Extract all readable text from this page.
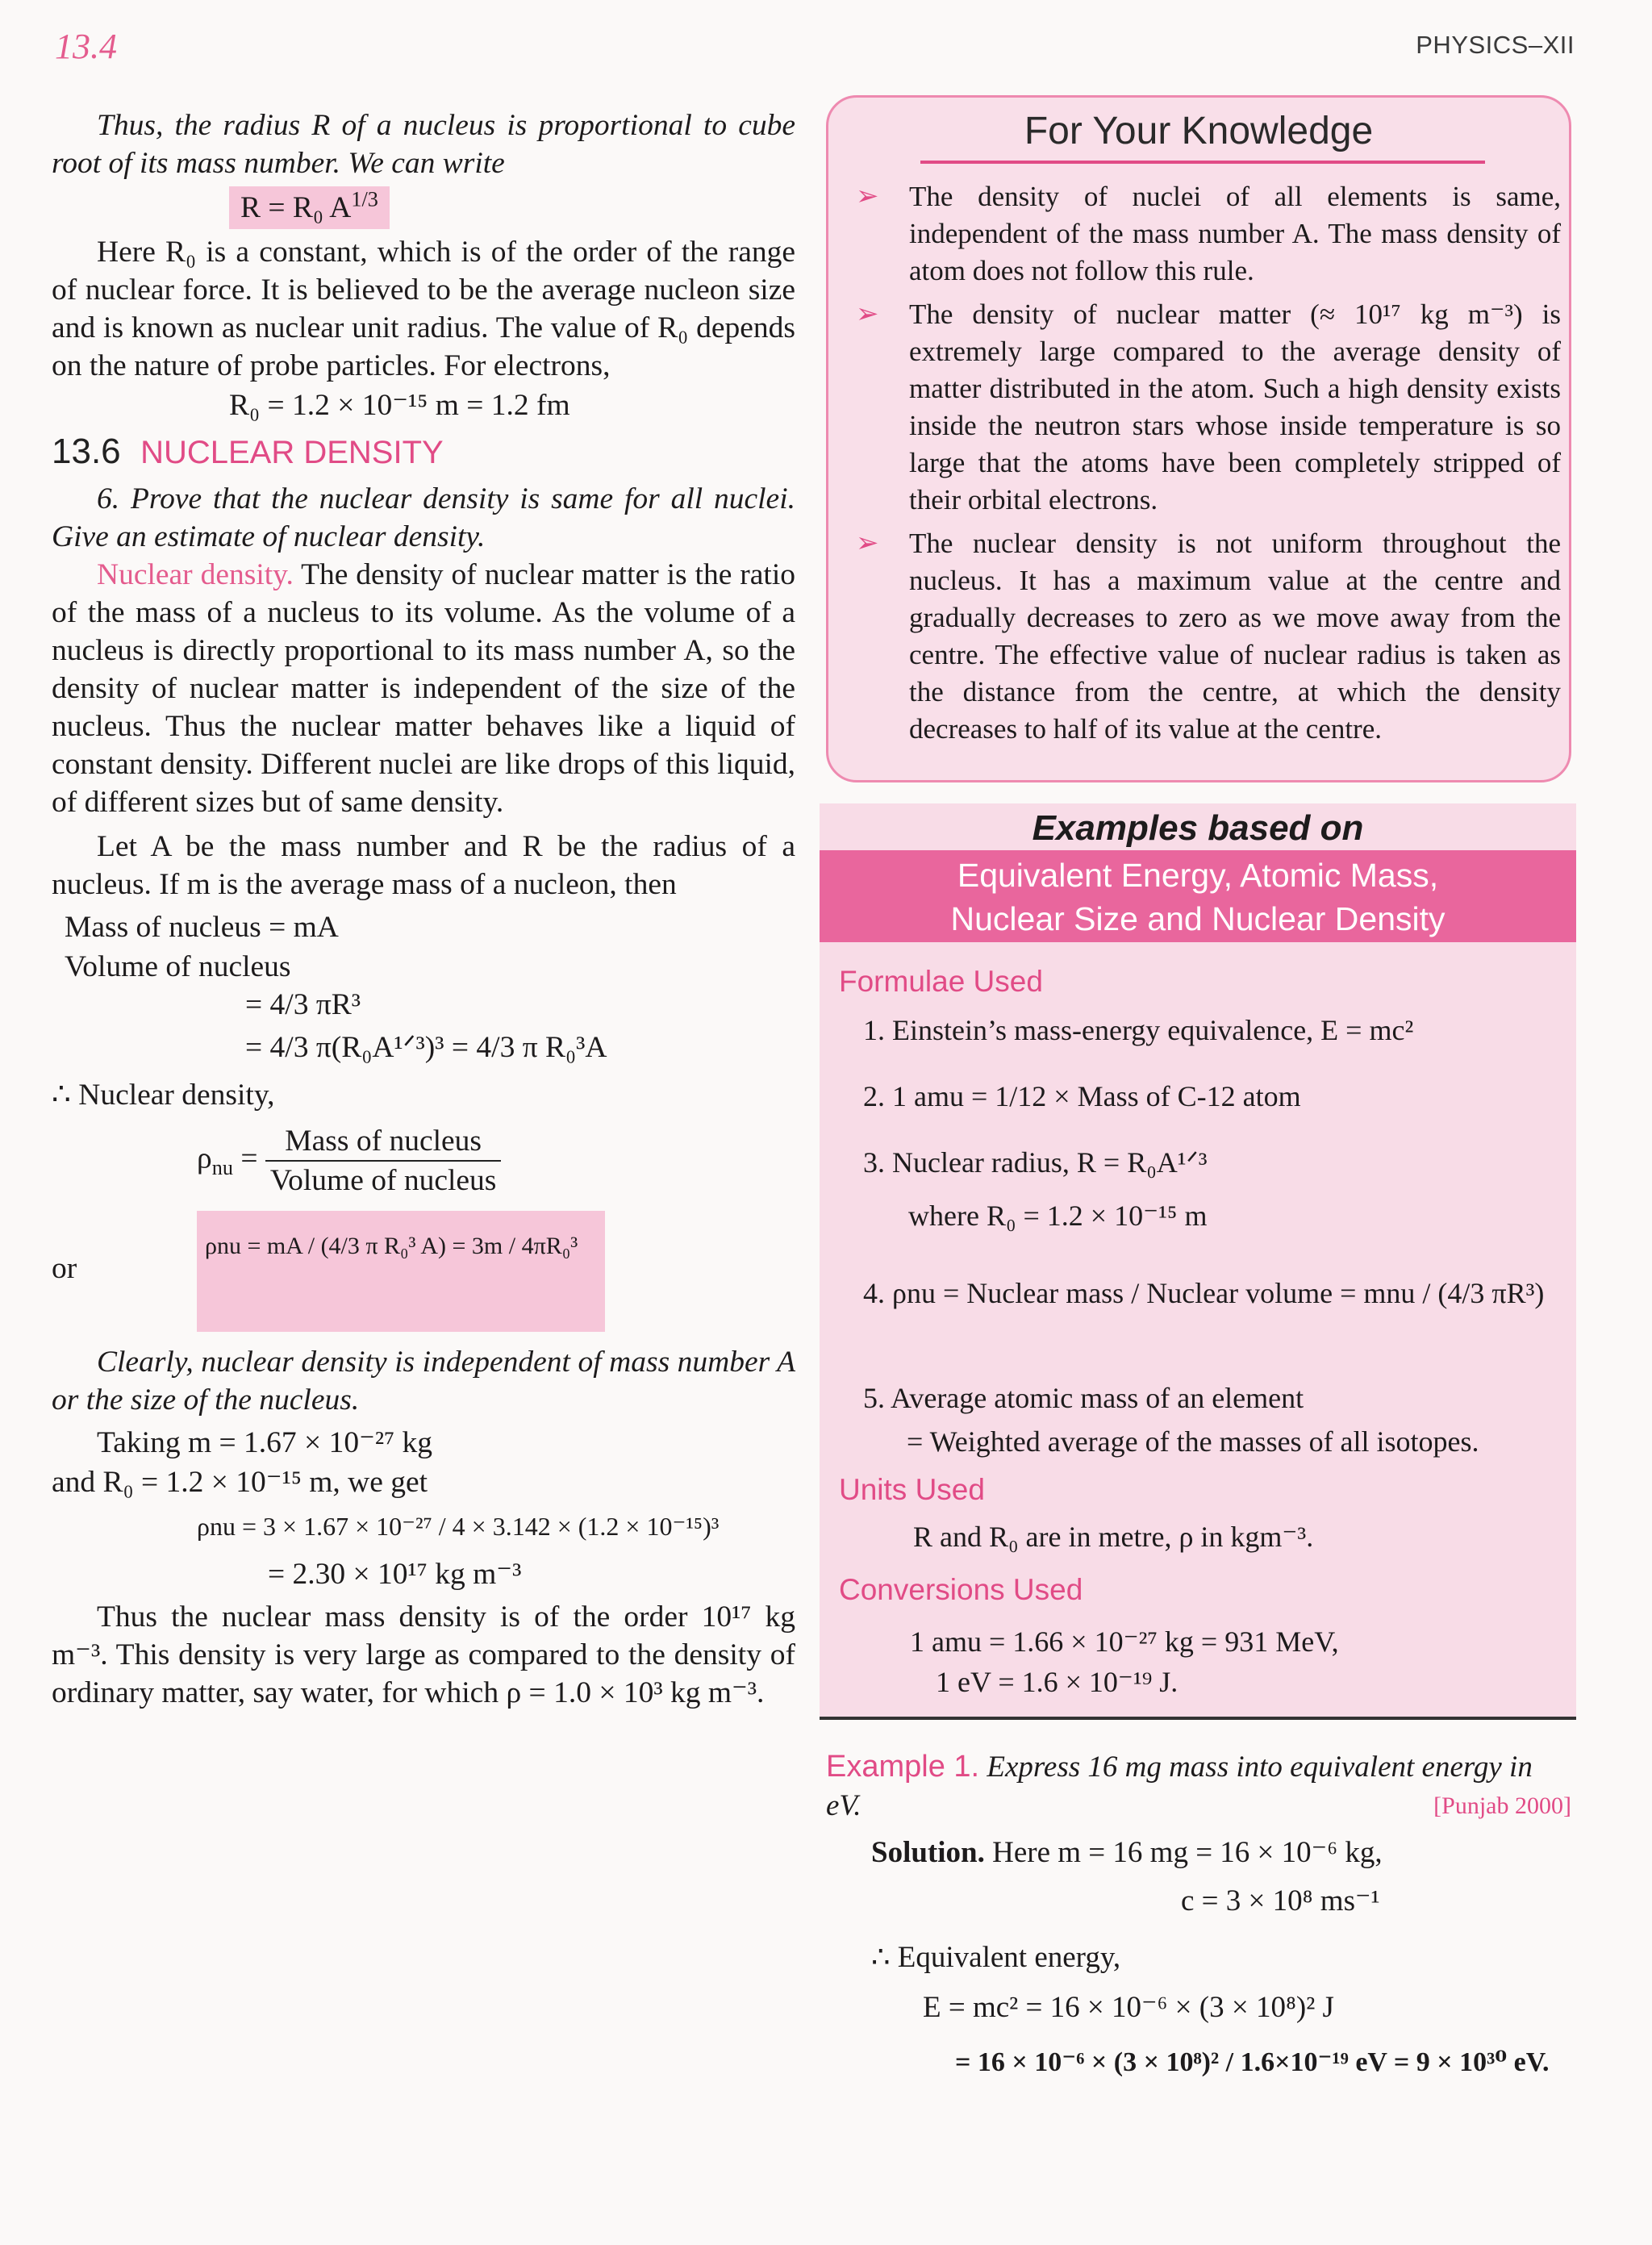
13.4	PHYSICS–XII

Thus, the radius R of a nucleus is proportional to cube root of its mass number. We can write

R = R₀ $A^{1/3}$

Here R₀ is a constant, which is of the order of the range of nuclear force. It is believed to be the average nucleon size and is known as nuclear unit radius. The value of R₀ depends on the nature of probe particles. For electrons,

R₀ = 1.2 × 10⁻¹⁵ m = 1.2 fm
13.6 NUCLEAR DENSITY

6. Prove that the nuclear density is same for all nuclei. Give an estimate of nuclear density.

Nuclear density. The density of nuclear matter is the ratio of the mass of a nucleus to its volume. As the volume of a nucleus is directly proportional to its mass number A, so the density of nuclear matter is independent of the size of the nucleus. Thus the nuclear matter behaves like a liquid of constant density. Different nuclei are like drops of this liquid, of different sizes but of same density.

Let A be the mass number and R be the radius of a nucleus. If m is the average mass of a nucleon, then

Mass of nucleus = mA

Volume of nucleus

= 4/3 πR³

= 4/3 π(R₀A¹ᐟ³)³ = 4/3 π R₀³A

∴ Nuclear density,

$\rho_{nu} = \frac{\text{Mass of nucleus}}{\text{Volume of nucleus}}$
or
ρnu = mA / (4/3 π R₀³ A) = 3m / 4πR₀³

Clearly, nuclear density is independent of mass number A or the size of the nucleus.

Taking m = 1.67 × 10⁻²⁷ kg

and R₀ = 1.2 × 10⁻¹⁵ m, we get

ρnu = 3 × 1.67 × 10⁻²⁷ / 4 × 3.142 × (1.2 × 10⁻¹⁵)³

= 2.30 × 10¹⁷ kg m⁻³

Thus the nuclear mass density is of the order 10¹⁷ kg m⁻³. This density is very large as compared to the density of ordinary matter, say water, for which ρ = 1.0 × 10³ kg m⁻³.

For Your Knowledge
➢ The density of nuclei of all elements is same, independent of the mass number A. The mass density of atom does not follow this rule.
➢ The density of nuclear matter (≈ 10¹⁷ kg m⁻³) is extremely large compared to the average density of matter distributed in the atom. Such a high density exists inside the neutron stars whose inside temperature is so large that the atoms have been completely stripped of their orbital electrons.
➢ The nuclear density is not uniform throughout the nucleus. It has a maximum value at the centre and gradually decreases to zero as we move away from the centre. The effective value of nuclear radius is taken as the distance from the centre, at which the density decreases to half of its value at the centre.
Examples based on
Equivalent Energy, Atomic Mass,
Nuclear Size and Nuclear Density
Formulae Used
1. Einstein’s mass-energy equivalence, E = mc²
2. 1 amu = 1/12 × Mass of C-12 atom
3. Nuclear radius, R = R₀A¹ᐟ³
where R₀ = 1.2 × 10⁻¹⁵ m
4. ρnu = Nuclear mass / Nuclear volume = mnu / (4/3 πR³)
5. Average atomic mass of an element
= Weighted average of the masses of all isotopes.
Units Used
R and R₀ are in metre, ρ in kgm⁻³.
Conversions Used
1 amu = 1.66 × 10⁻²⁷ kg = 931 MeV,
1 eV = 1.6 × 10⁻¹⁹ J.
Example 1. Express 16 mg mass into equivalent energy in eV.	[Punjab 2000]
Solution. Here m = 16 mg = 16 × 10⁻⁶ kg,
c = 3 × 10⁸ ms⁻¹
∴ Equivalent energy,
E = mc² = 16 × 10⁻⁶ × (3 × 10⁸)² J
= 16 × 10⁻⁶ × (3 × 10⁸)² / 1.6×10⁻¹⁹ eV = 9 × 10³⁰ eV.
